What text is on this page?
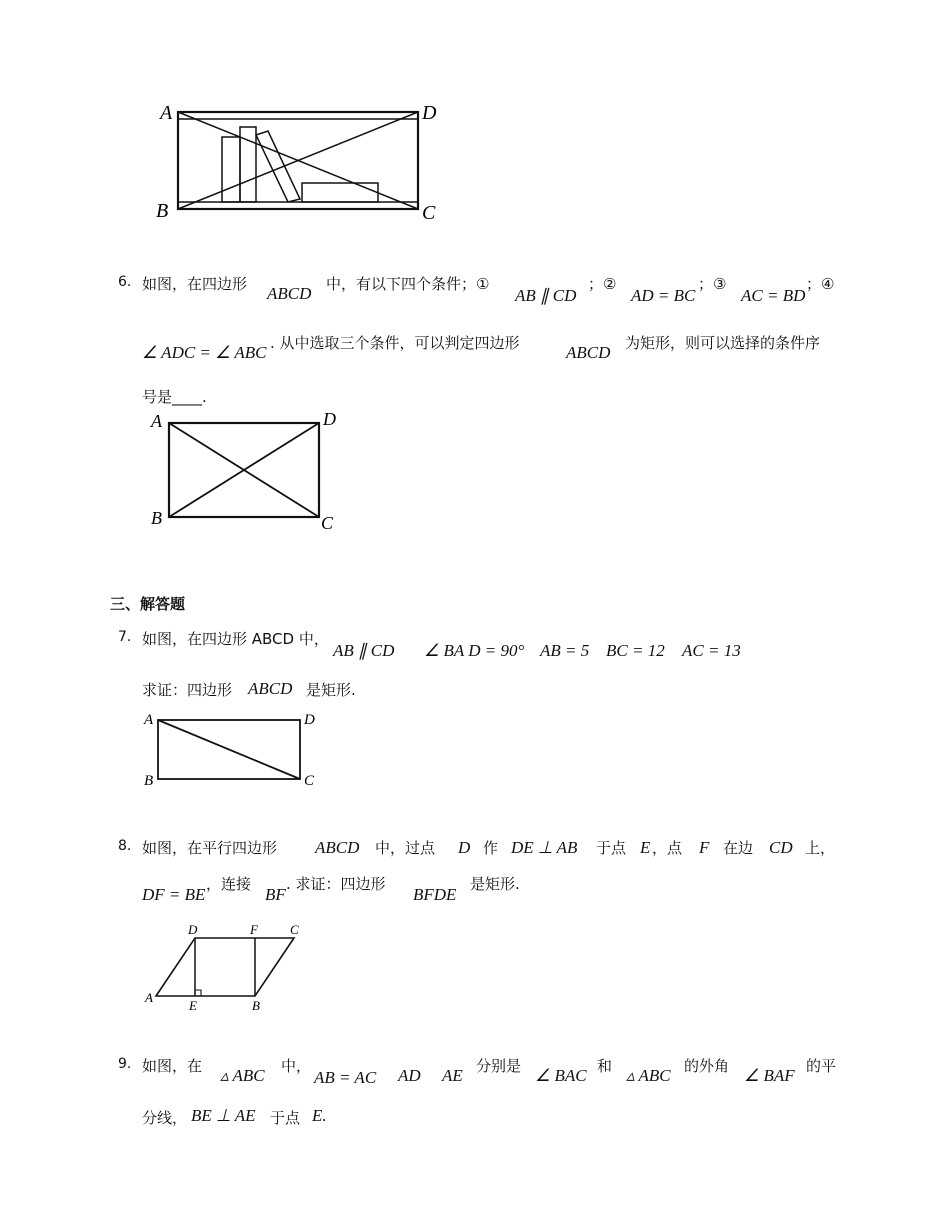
A	D
B	C
6. 如图，在四边形 ABCD 中，有以下四个条件；①
AB ∥ CD
；②
AD = BC
；③
AC = BD
；④
∠ ADC = ∠ ABC . 从中选取三个条件，可以判定四边形	ABCD 为矩形，则可以选择的条件序
号是____.
A	D
B	C
三、解答题
7. 如图，在四边形 ABCD 中，
AB ∥ CD ∠ BA D = 90° AB = 5 BC = 12 AC = 13
求证：四边形 ABCD 是矩形.
A	D
B	C
8. 如图，在平行四边形 ABCD 中，过点 D 作 DE ⊥ AB 于点 E ，点 F 在边 CD 上，
DF = BE
，连接
BF
. 求证：四边形
BFDE
是矩形.
D	F C
A
E	B
9. 如图，在 ▵ ABC 中，
AB = AC AD AE 分别是 ∠ BAC 和 ▵ ABC 的外角 ∠ BAF 的平
分线， BE ⊥ AE 于点 E.
